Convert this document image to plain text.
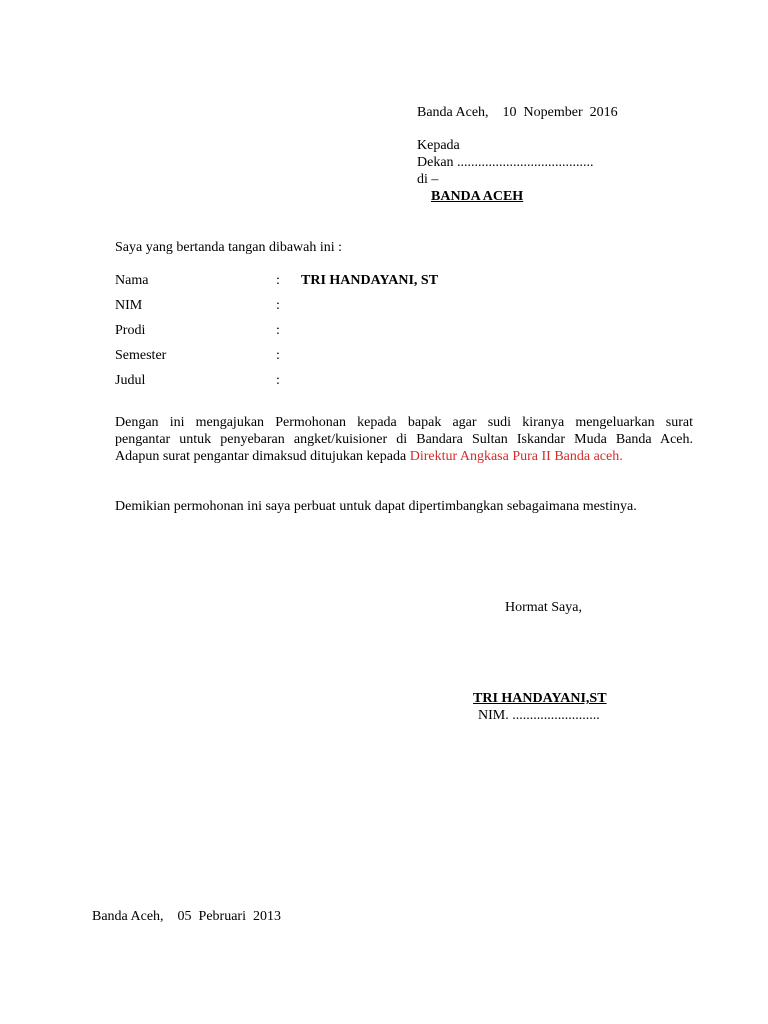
Banda Aceh,    10  Nopember  2016
Kepada
Dekan .......................................
di –
BANDA ACEH
Saya yang bertanda tangan dibawah ini :
Nama	: TRI HANDAYANI, ST
NIM	:
Prodi	:
Semester	:
Judul	:
Dengan ini mengajukan Permohonan kepada bapak agar sudi kiranya mengeluarkan surat
pengantar untuk penyebaran angket/kuisioner di Bandara Sultan Iskandar Muda Banda Aceh.
Adapun surat pengantar dimaksud ditujukan kepada Direktur Angkasa Pura II Banda aceh.
Demikian permohonan ini saya perbuat untuk dapat dipertimbangkan sebagaimana mestinya.
Hormat Saya,
TRI HANDAYANI,ST
NIM. .........................
Banda Aceh,    05  Pebruari  2013
